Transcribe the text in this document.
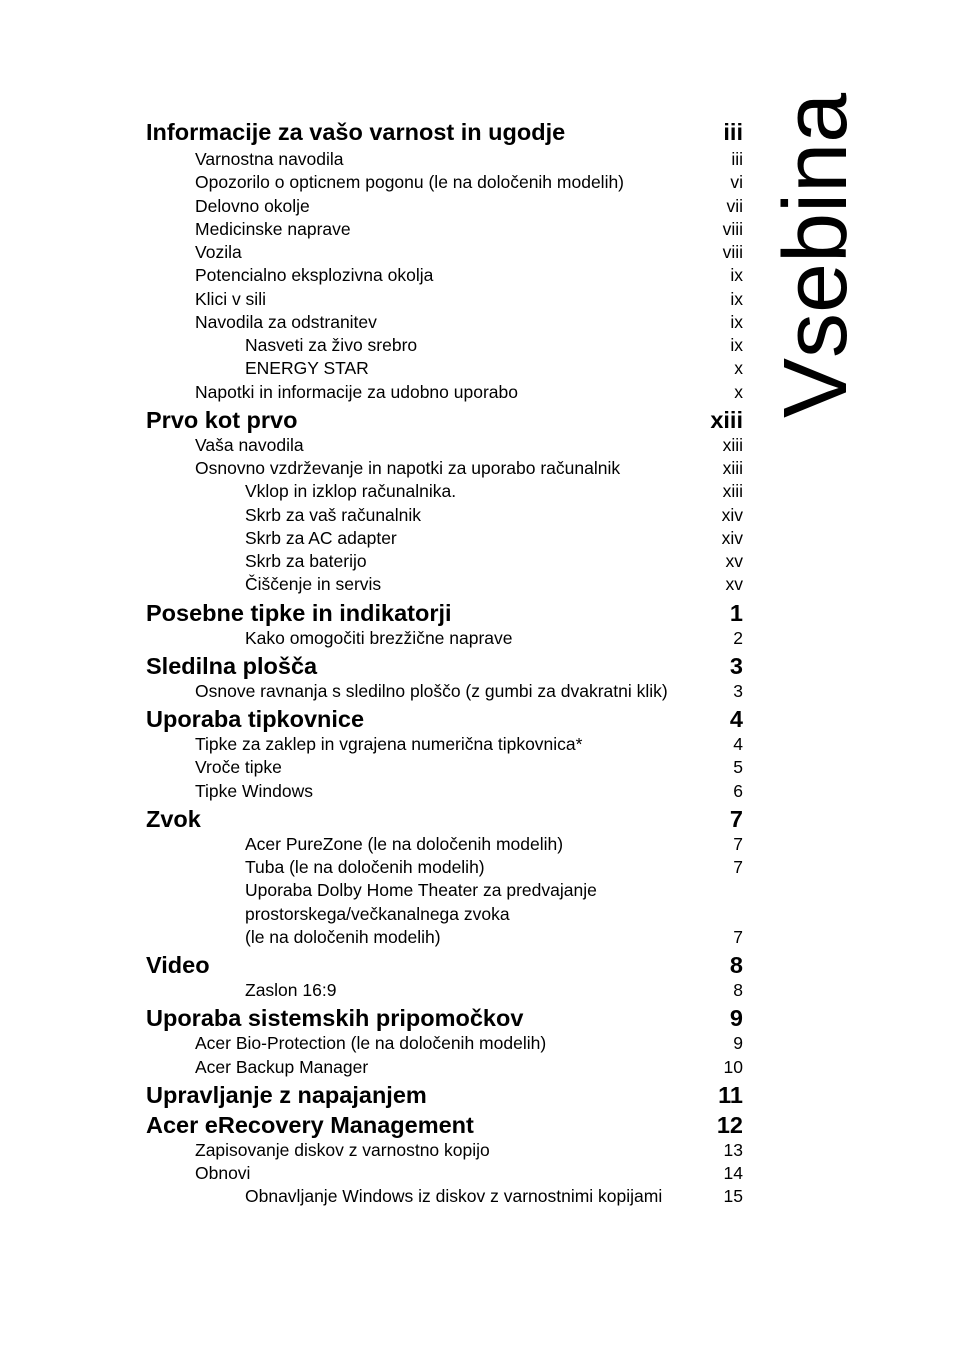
Informacije za vašo varnost in ugodje	iii
Varnostna navodila	iii
Opozorilo o opticnem pogonu (le na določenih modelih)	vi
Delovno okolje	vii
Medicinske naprave	viii
Vozila	viii
Potencialno eksplozivna okolja	ix
Klici v sili	ix
Navodila za odstranitev	ix
Nasveti za živo srebro	ix
ENERGY STAR	x
Napotki in informacije za udobno uporabo	x
Prvo kot prvo	xiii
Vaša navodila	xiii
Osnovno vzdrževanje in napotki za uporabo računalnik	xiii
Vklop in izklop računalnika.	xiii
Skrb za vaš računalnik	xiv
Skrb za AC adapter	xiv
Skrb za baterijo	xv
Čiščenje in servis	xv
Posebne tipke in indikatorji	1
Kako omogočiti brezžične naprave	2
Sledilna plošča	3
Osnove ravnanja s sledilno ploščo (z gumbi za dvakratni klik)	3
Uporaba tipkovnice	4
Tipke za zaklep in vgrajena numerična tipkovnica*	4
Vroče tipke	5
Tipke Windows	6
Zvok	7
Acer PureZone (le na določenih modelih)	7
Tuba (le na določenih modelih)	7
Uporaba Dolby Home Theater za predvajanje
prostorskega/večkanalnega zvoka
(le na določenih modelih)	7
Video	8
Zaslon 16:9	8
Uporaba sistemskih pripomočkov	9
Acer Bio-Protection (le na določenih modelih)	9
Acer Backup Manager	10
Upravljanje z napajanjem	11
Acer eRecovery Management	12
Zapisovanje diskov z varnostno kopijo	13
Obnovi	14
Obnavljanje Windows iz diskov z varnostnimi kopijami	15
Vsebina
